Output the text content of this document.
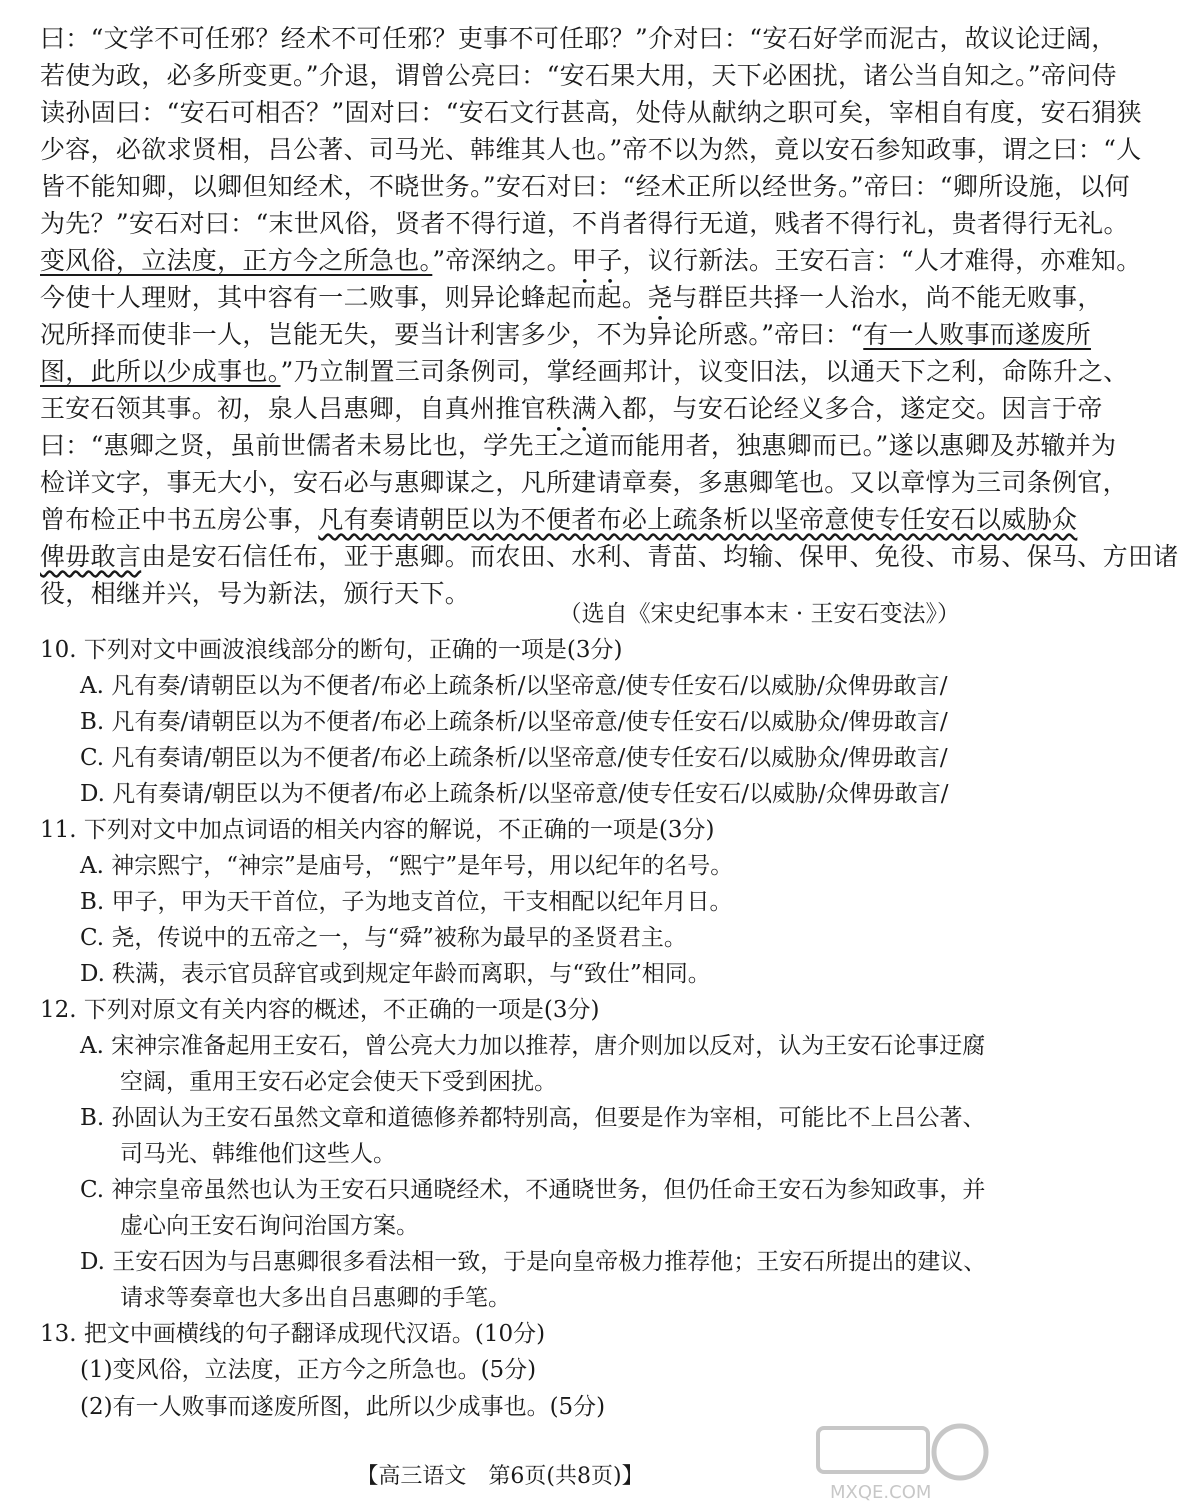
曰：“文学不可任邪？经术不可任邪？吏事不可任耶？”介对曰：“安石好学而泥古，故议论迂阔，
若使为政，必多所变更。”介退，谓曾公亮曰：“安石果大用，天下必困扰，诸公当自知之。”帝问侍
读孙固曰：“安石可相否？”固对曰：“安石文行甚高，处侍从献纳之职可矣，宰相自有度，安石狷狭
少容，必欲求贤相，吕公著、司马光、韩维其人也。”帝不以为然，竟以安石参知政事，谓之曰：“人
皆不能知卿，以卿但知经术，不晓世务。”安石对曰：“经术正所以经世务。”帝曰：“卿所设施，以何
为先？”安石对曰：“末世风俗，贤者不得行道，不肖者得行无道，贱者不得行礼，贵者得行无礼。
变风俗，立法度，正方今之所急也。”帝深纳之。甲子，议行新法。王安石言：“人才难得，亦难知。
今使十人理财，其中容有一二败事，则异论蜂起而起。尧与群臣共择一人治水，尚不能无败事，
况所择而使非一人，岂能无失，要当计利害多少，不为异论所惑。”帝曰：“有一人败事而遂废所
图，此所以少成事也。”乃立制置三司条例司，掌经画邦计，议变旧法，以通天下之利，命陈升之、
王安石领其事。初，泉人吕惠卿，自真州推官秩满入都，与安石论经义多合，遂定交。因言于帝
曰：“惠卿之贤，虽前世儒者未易比也，学先王之道而能用者，独惠卿而已。”遂以惠卿及苏辙并为
检详文字，事无大小，安石必与惠卿谋之，凡所建请章奏，多惠卿笔也。又以章惇为三司条例官，
曾布检正中书五房公事，凡有奏请朝臣以为不便者布必上疏条析以坚帝意使专任安石以威胁众
俾毋敢言由是安石信任布，亚于惠卿。而农田、水利、青苗、均输、保甲、免役、市易、保马、方田诸
役，相继并兴，号为新法，颁行天下。
（选自《宋史纪事本末 · 王安石变法》）
10. 下列对文中画波浪线部分的断句，正确的一项是(3分)
A. 凡有奏/请朝臣以为不便者/布必上疏条析/以坚帝意/使专任安石/以威胁/众俾毋敢言/
B. 凡有奏/请朝臣以为不便者/布必上疏条析/以坚帝意/使专任安石/以威胁众/俾毋敢言/
C. 凡有奏请/朝臣以为不便者/布必上疏条析/以坚帝意/使专任安石/以威胁众/俾毋敢言/
D. 凡有奏请/朝臣以为不便者/布必上疏条析/以坚帝意/使专任安石/以威胁/众俾毋敢言/
11. 下列对文中加点词语的相关内容的解说，不正确的一项是(3分)
A. 神宗熙宁，“神宗”是庙号，“熙宁”是年号，用以纪年的名号。
B. 甲子，甲为天干首位，子为地支首位，干支相配以纪年月日。
C. 尧，传说中的五帝之一，与“舜”被称为最早的圣贤君主。
D. 秩满，表示官员辞官或到规定年龄而离职，与“致仕”相同。
12. 下列对原文有关内容的概述，不正确的一项是(3分)
A. 宋神宗准备起用王安石，曾公亮大力加以推荐，唐介则加以反对，认为王安石论事迂腐
空阔，重用王安石必定会使天下受到困扰。
B. 孙固认为王安石虽然文章和道德修养都特别高，但要是作为宰相，可能比不上吕公著、
司马光、韩维他们这些人。
C. 神宗皇帝虽然也认为王安石只通晓经术，不通晓世务，但仍任命王安石为参知政事，并
虚心向王安石询问治国方案。
D. 王安石因为与吕惠卿很多看法相一致，于是向皇帝极力推荐他；王安石所提出的建议、
请求等奏章也大多出自吕惠卿的手笔。
13. 把文中画横线的句子翻译成现代汉语。(10分)
(1)变风俗，立法度，正方今之所急也。(5分)
(2)有一人败事而遂废所图，此所以少成事也。(5分)
【高三语文　第6页(共8页)】
MXQE.COM
